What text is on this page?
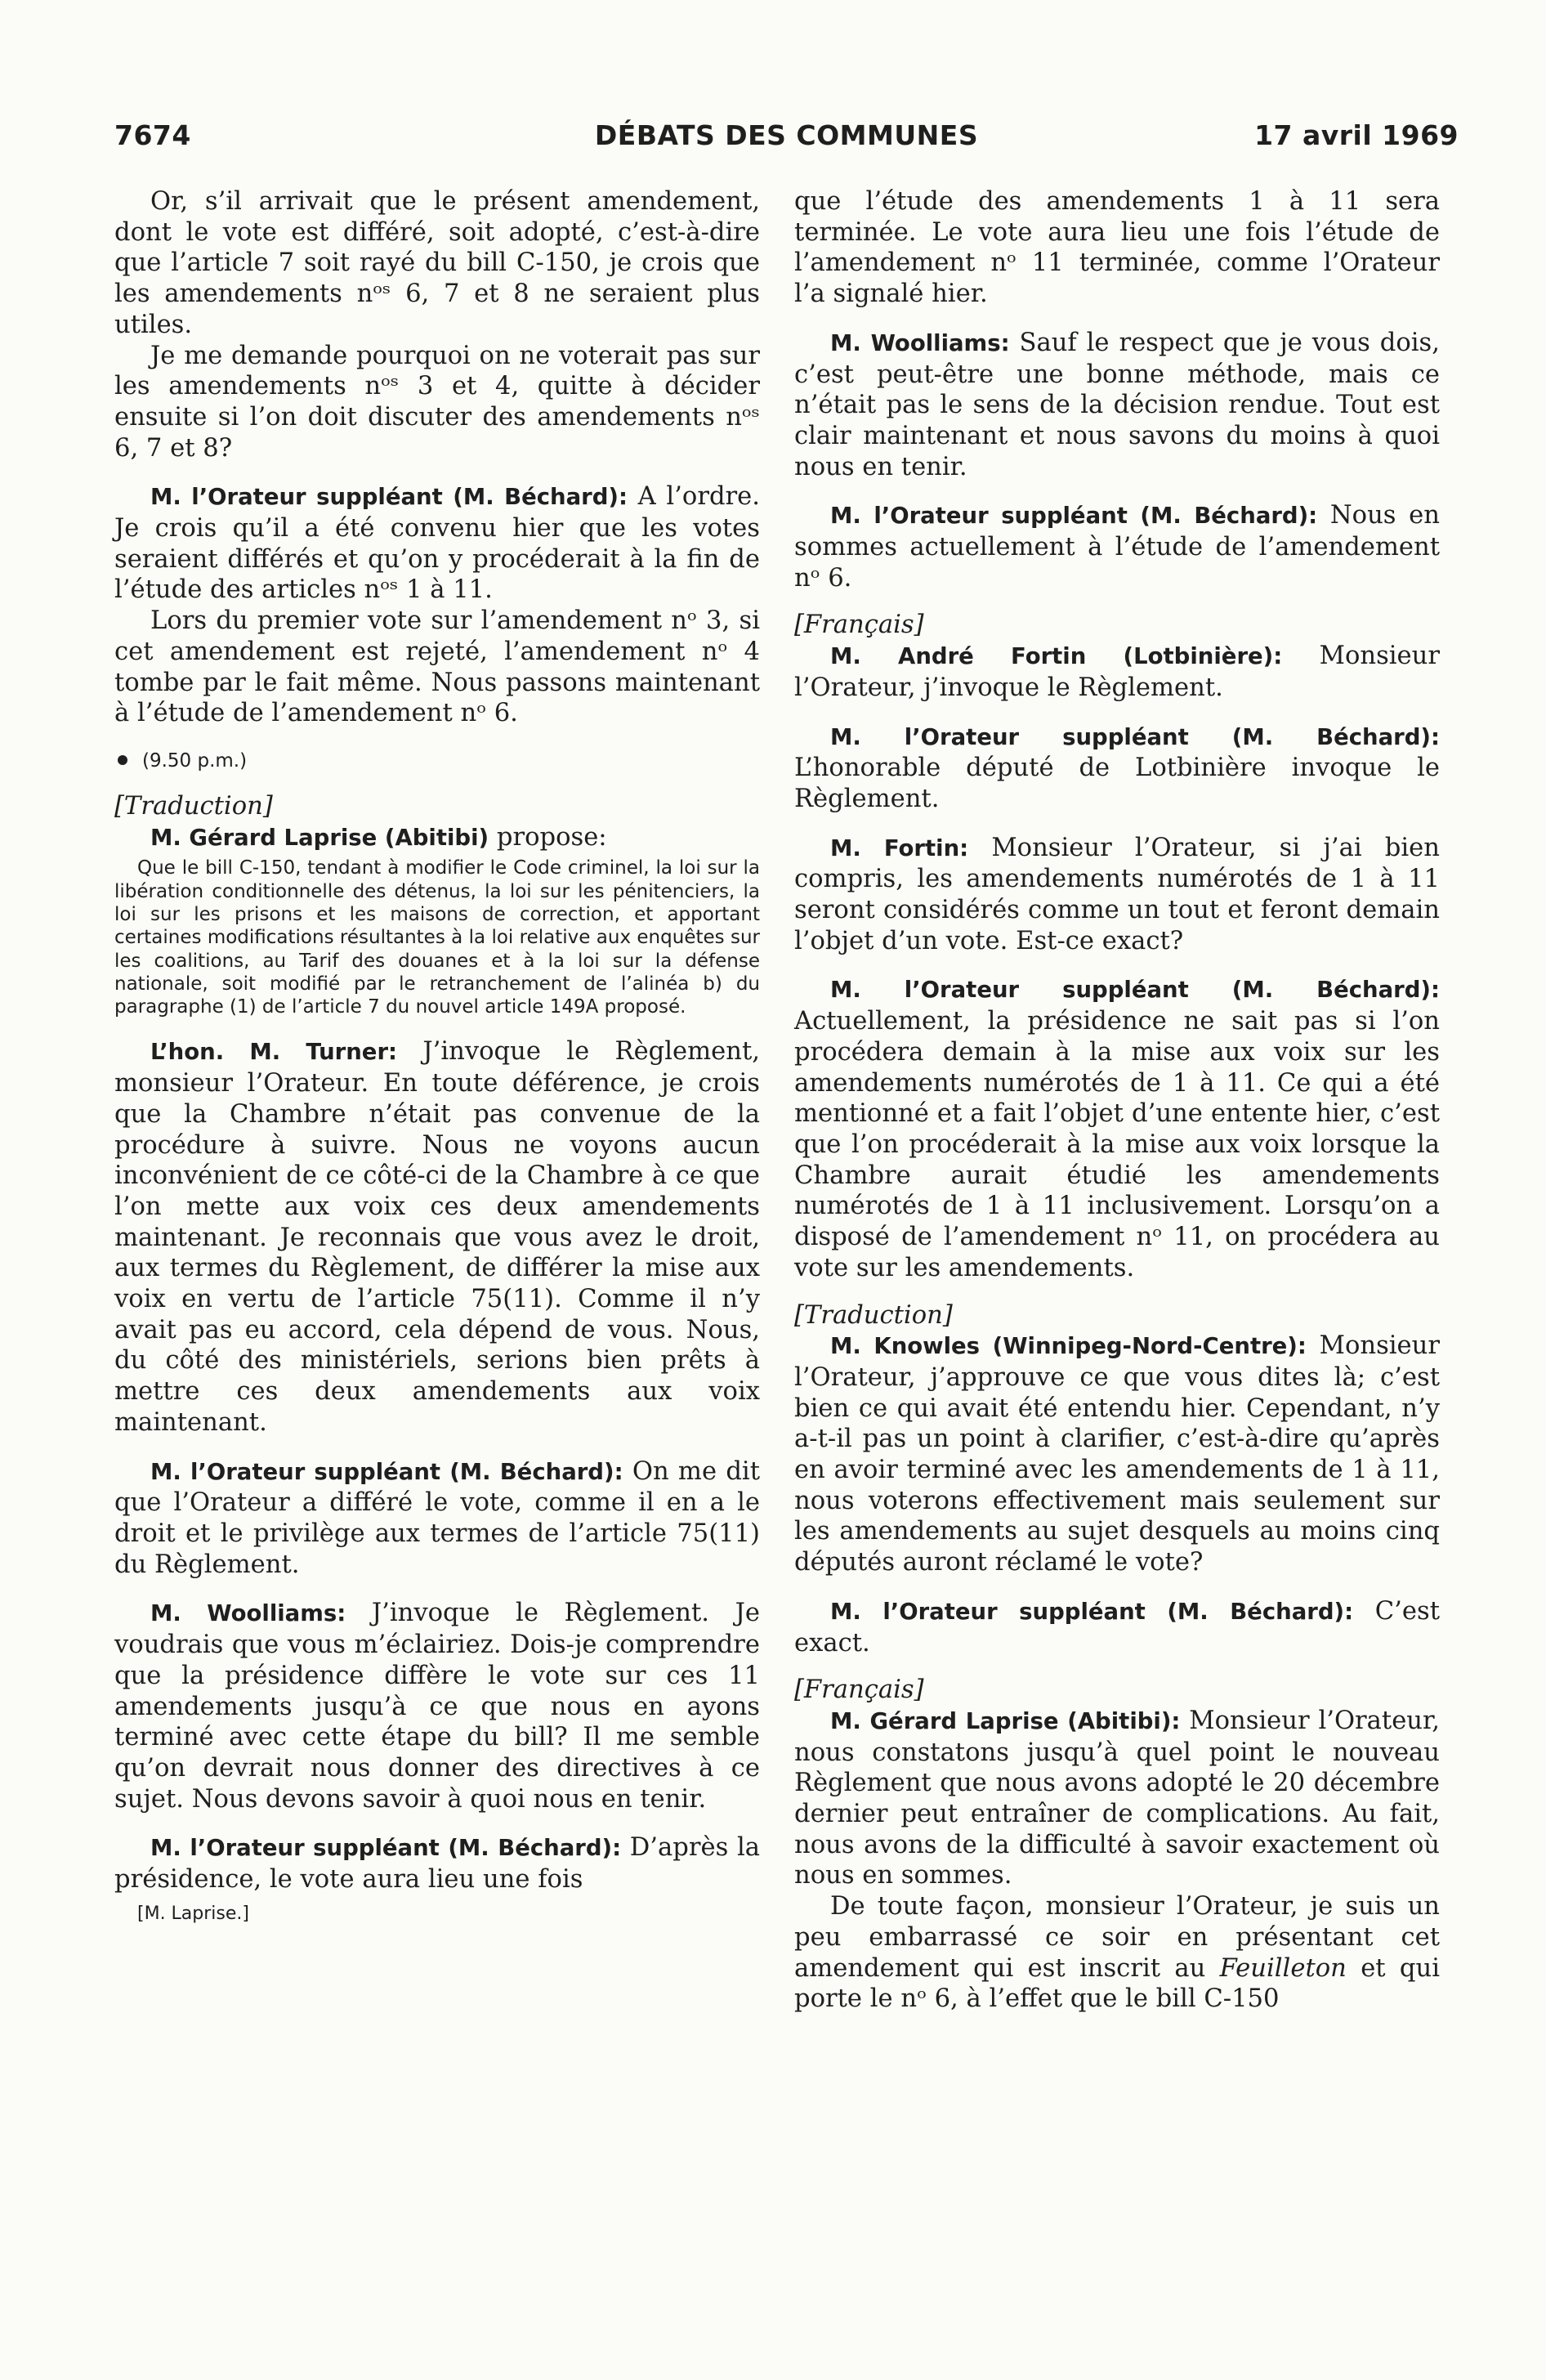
7674	DÉBATS DES COMMUNES	17 avril 1969

Or, s’il arrivait que le présent amendement, dont le vote est différé, soit adopté, c’est-à-dire que l’article 7 soit rayé du bill C-150, je crois que les amendements nᵒˢ 6, 7 et 8 ne seraient plus utiles.

Je me demande pourquoi on ne voterait pas sur les amendements nᵒˢ 3 et 4, quitte à décider ensuite si l’on doit discuter des amendements nᵒˢ 6, 7 et 8?

M. l’Orateur suppléant (M. Béchard): A l’ordre. Je crois qu’il a été convenu hier que les votes seraient différés et qu’on y procéderait à la fin de l’étude des articles nᵒˢ 1 à 11.

Lors du premier vote sur l’amendement nᵒ 3, si cet amendement est rejeté, l’amendement nᵒ 4 tombe par le fait même. Nous passons maintenant à l’étude de l’amendement nᵒ 6.

(9.50 p.m.)
[Traduction]

M. Gérard Laprise (Abitibi) propose:

Que le bill C-150, tendant à modifier le Code criminel, la loi sur la libération conditionnelle des détenus, la loi sur les pénitenciers, la loi sur les prisons et les maisons de correction, et apportant certaines modifications résultantes à la loi relative aux enquêtes sur les coalitions, au Tarif des douanes et à la loi sur la défense nationale, soit modifié par le retranchement de l’alinéa b) du paragraphe (1) de l’article 7 du nouvel article 149A proposé.

L’hon. M. Turner: J’invoque le Règlement, monsieur l’Orateur. En toute déférence, je crois que la Chambre n’était pas convenue de la procédure à suivre. Nous ne voyons aucun inconvénient de ce côté-ci de la Chambre à ce que l’on mette aux voix ces deux amendements maintenant. Je reconnais que vous avez le droit, aux termes du Règlement, de différer la mise aux voix en vertu de l’article 75(11). Comme il n’y avait pas eu accord, cela dépend de vous. Nous, du côté des ministériels, serions bien prêts à mettre ces deux amendements aux voix maintenant.

M. l’Orateur suppléant (M. Béchard): On me dit que l’Orateur a différé le vote, comme il en a le droit et le privilège aux termes de l’article 75(11) du Règlement.

M. Woolliams: J’invoque le Règlement. Je voudrais que vous m’éclairiez. Dois-je comprendre que la présidence diffère le vote sur ces 11 amendements jusqu’à ce que nous en ayons terminé avec cette étape du bill? Il me semble qu’on devrait nous donner des directives à ce sujet. Nous devons savoir à quoi nous en tenir.

M. l’Orateur suppléant (M. Béchard): D’après la présidence, le vote aura lieu une fois

[M. Laprise.]

que l’étude des amendements 1 à 11 sera terminée. Le vote aura lieu une fois l’étude de l’amendement nᵒ 11 terminée, comme l’Orateur l’a signalé hier.

M. Woolliams: Sauf le respect que je vous dois, c’est peut-être une bonne méthode, mais ce n’était pas le sens de la décision rendue. Tout est clair maintenant et nous savons du moins à quoi nous en tenir.

M. l’Orateur suppléant (M. Béchard): Nous en sommes actuellement à l’étude de l’amendement nᵒ 6.

[Français]

M. André Fortin (Lotbinière): Monsieur l’Orateur, j’invoque le Règlement.

M. l’Orateur suppléant (M. Béchard): L’honorable député de Lotbinière invoque le Règlement.

M. Fortin: Monsieur l’Orateur, si j’ai bien compris, les amendements numérotés de 1 à 11 seront considérés comme un tout et feront demain l’objet d’un vote. Est-ce exact?

M. l’Orateur suppléant (M. Béchard): Actuellement, la présidence ne sait pas si l’on procédera demain à la mise aux voix sur les amendements numérotés de 1 à 11. Ce qui a été mentionné et a fait l’objet d’une entente hier, c’est que l’on procéderait à la mise aux voix lorsque la Chambre aurait étudié les amendements numérotés de 1 à 11 inclusivement. Lorsqu’on a disposé de l’amendement nᵒ 11, on procédera au vote sur les amendements.

[Traduction]

M. Knowles (Winnipeg-Nord-Centre): Monsieur l’Orateur, j’approuve ce que vous dites là; c’est bien ce qui avait été entendu hier. Cependant, n’y a-t-il pas un point à clarifier, c’est-à-dire qu’après en avoir terminé avec les amendements de 1 à 11, nous voterons effectivement mais seulement sur les amendements au sujet desquels au moins cinq députés auront réclamé le vote?

M. l’Orateur suppléant (M. Béchard): C’est exact.

[Français]

M. Gérard Laprise (Abitibi): Monsieur l’Orateur, nous constatons jusqu’à quel point le nouveau Règlement que nous avons adopté le 20 décembre dernier peut entraîner de complications. Au fait, nous avons de la difficulté à savoir exactement où nous en sommes.

De toute façon, monsieur l’Orateur, je suis un peu embarrassé ce soir en présentant cet amendement qui est inscrit au Feuilleton et qui porte le nᵒ 6, à l’effet que le bill C-150
